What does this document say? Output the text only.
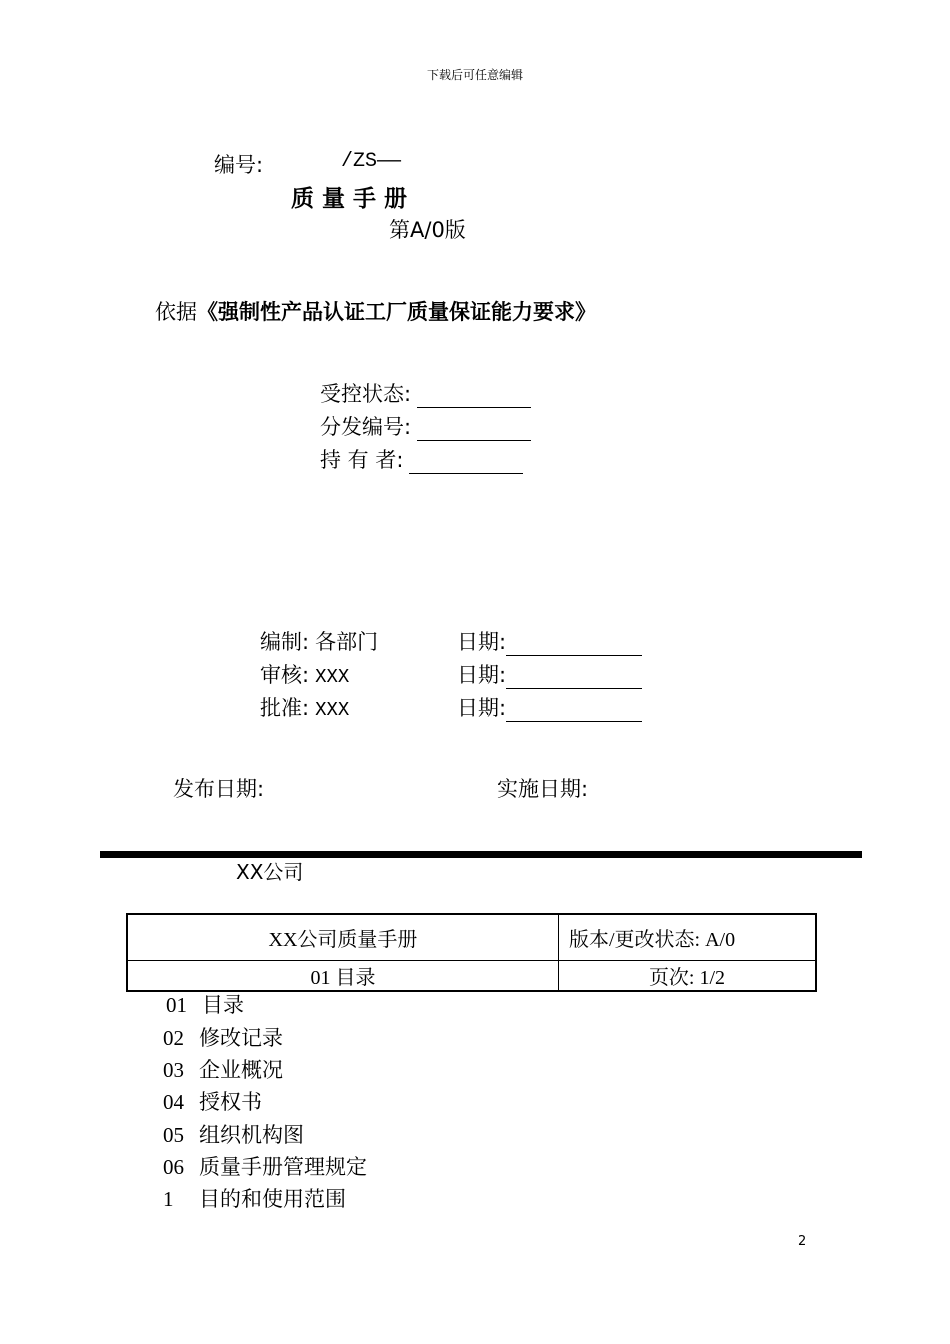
下载后可任意编辑
编号:	/ZS——
质 量 手 册
第A/0版
依据《强制性产品认证工厂质量保证能力要求》
受控状态:
分发编号:
持 有 者:
编制: 各部门	日期:
审核: XXX	日期:
批准: XXX	日期:
发布日期:	实施日期:
XX公司
XX公司质量手册	版本/更改状态: A/0
01 目录	页次: 1/2
01 目录
02 修改记录
03 企业概况
04 授权书
05 组织机构图
06 质量手册管理规定
1 目的和使用范围
2
